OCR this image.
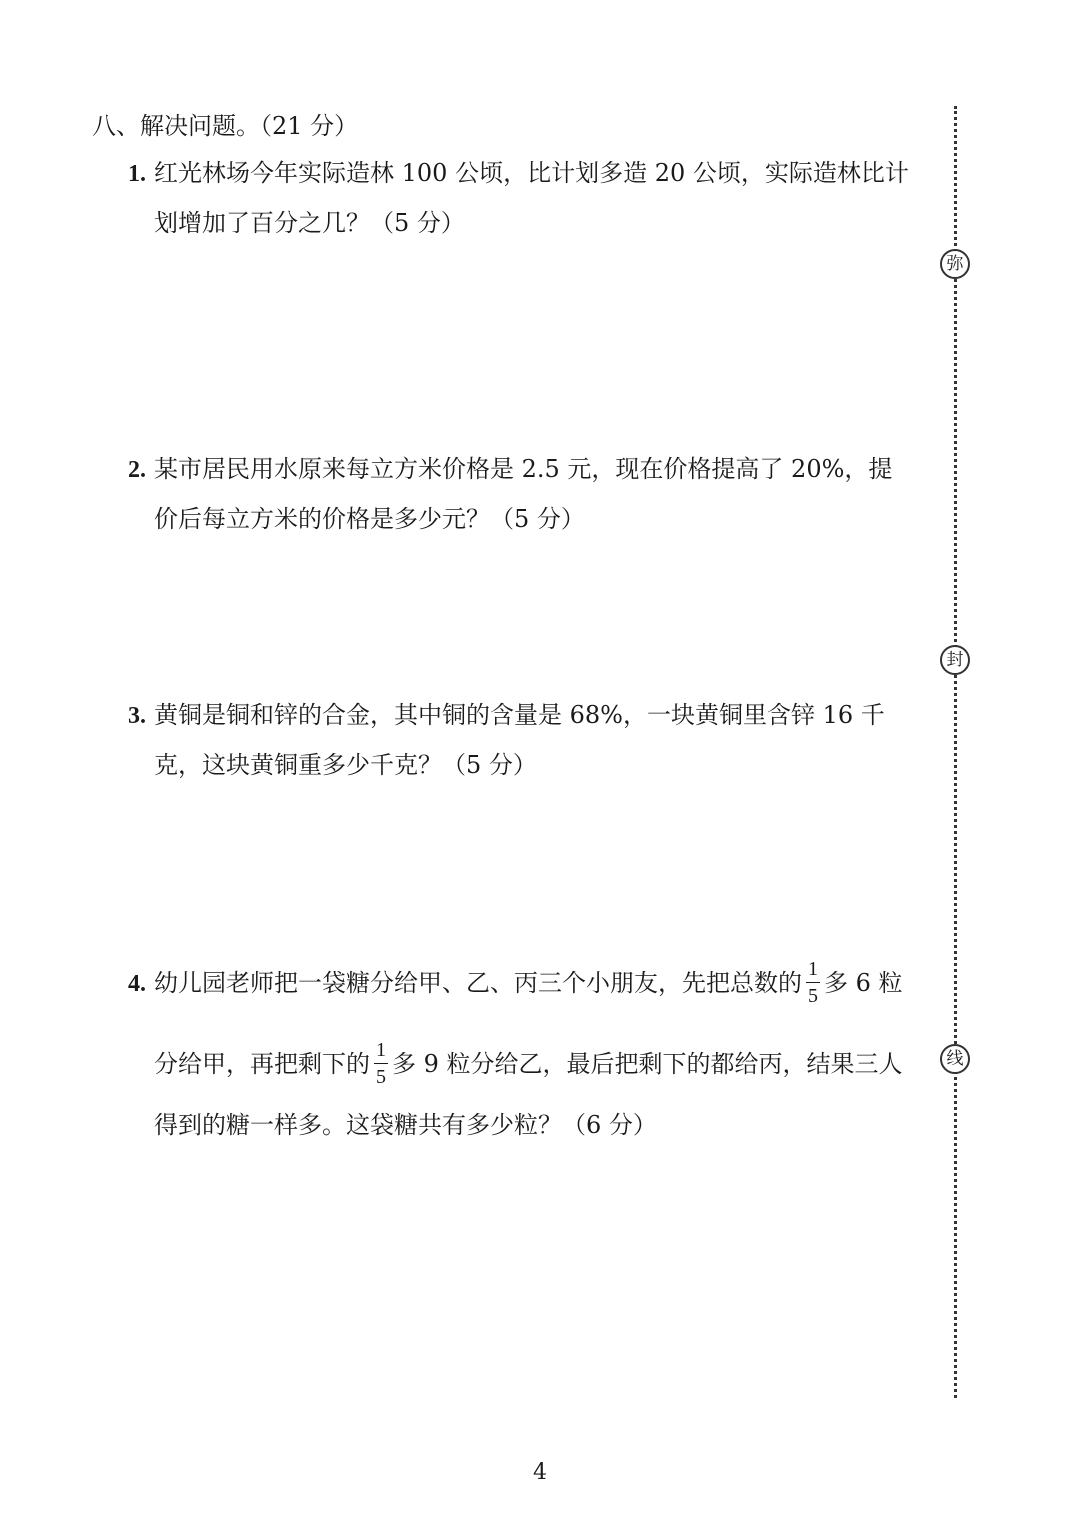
八、解决问题。（21 分）
1. 红光林场今年实际造林 100 公顷，比计划多造 20 公顷，实际造林比计
划增加了百分之几？（5 分）
2. 某市居民用水原来每立方米价格是 2.5 元，现在价格提高了 20%，提
价后每立方米的价格是多少元？（5 分）
3. 黄铜是铜和锌的合金，其中铜的含量是 68%，一块黄铜里含锌 16 千
克，这块黄铜重多少千克？（5 分）
4. 幼儿园老师把一袋糖分给甲、乙、丙三个小朋友，先把总数的 $\frac{1}{5}$ 多 6 粒
分给甲，再把剩下的 $\frac{1}{5}$ 多 9 粒分给乙，最后把剩下的都给丙，结果三人
得到的糖一样多。这袋糖共有多少粒？（6 分）
弥
封
线
4
